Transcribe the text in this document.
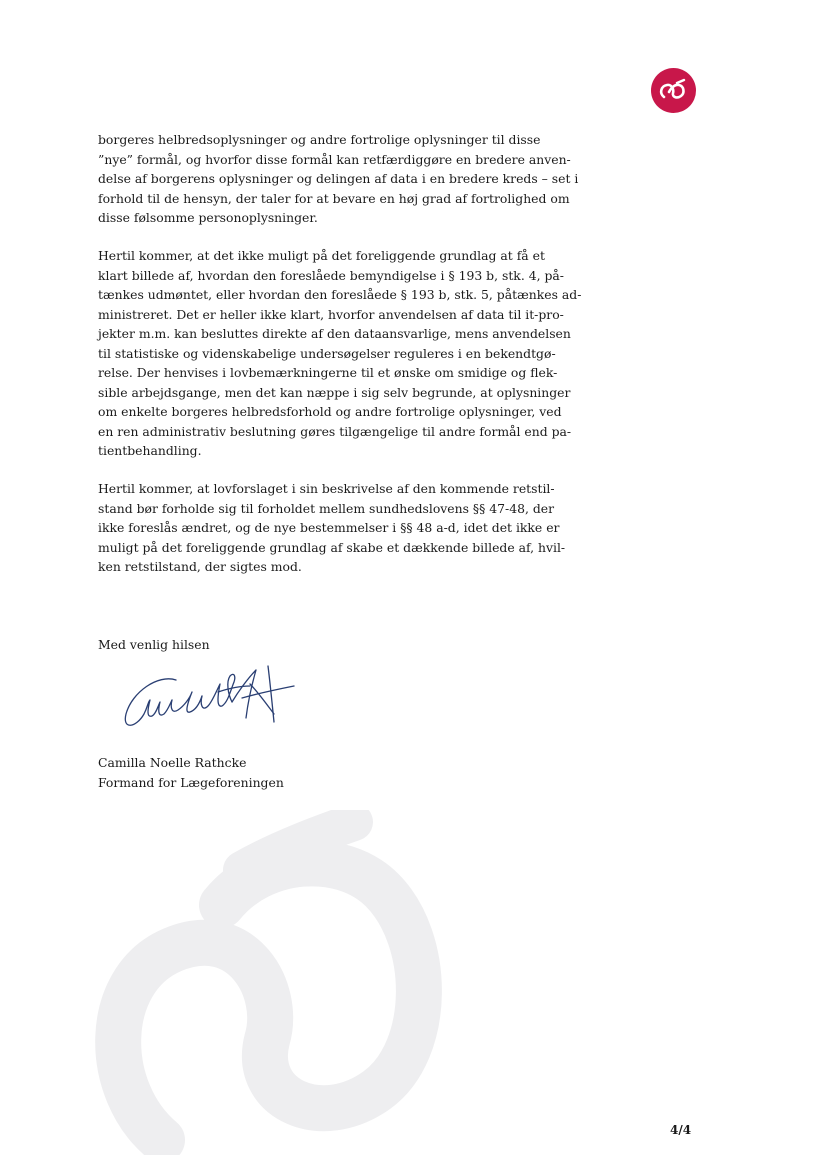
borgeres helbredsoplysninger og andre fortrolige oplysninger til disse
”nye” formål, og hvorfor disse formål kan retfærdiggøre en bredere anven-
delse af borgerens oplysninger og delingen af data i en bredere kreds – set i
forhold til de hensyn, der taler for at bevare en høj grad af fortrolighed om
disse følsomme personoplysninger.

Hertil kommer, at det ikke muligt på det foreliggende grundlag at få et
klart billede af, hvordan den foreslåede bemyndigelse i § 193 b, stk. 4, på-
tænkes udmøntet, eller hvordan den foreslåede § 193 b, stk. 5, påtænkes ad-
ministreret. Det er heller ikke klart, hvorfor anvendelsen af data til it-pro-
jekter m.m. kan besluttes direkte af den dataansvarlige, mens anvendelsen
til statistiske og videnskabelige undersøgelser reguleres i en bekendtgø-
relse. Der henvises i lovbemærkningerne til et ønske om smidige og flek-
sible arbejdsgange, men det kan næppe i sig selv begrunde, at oplysninger
om enkelte borgeres helbredsforhold og andre fortrolige oplysninger, ved
en ren administrativ beslutning gøres tilgængelige til andre formål end pa-
tientbehandling.

Hertil kommer, at lovforslaget i sin beskrivelse af den kommende retstil-
stand bør forholde sig til forholdet mellem sundhedslovens §§ 47-48, der
ikke foreslås ændret, og de nye bestemmelser i §§ 48 a-d, idet det ikke er
muligt på det foreliggende grundlag af skabe et dækkende billede af, hvil-
ken retstilstand, der sigtes mod.

Med venlig hilsen
Camilla Noelle Rathcke
Formand for Lægeforeningen
4/4
